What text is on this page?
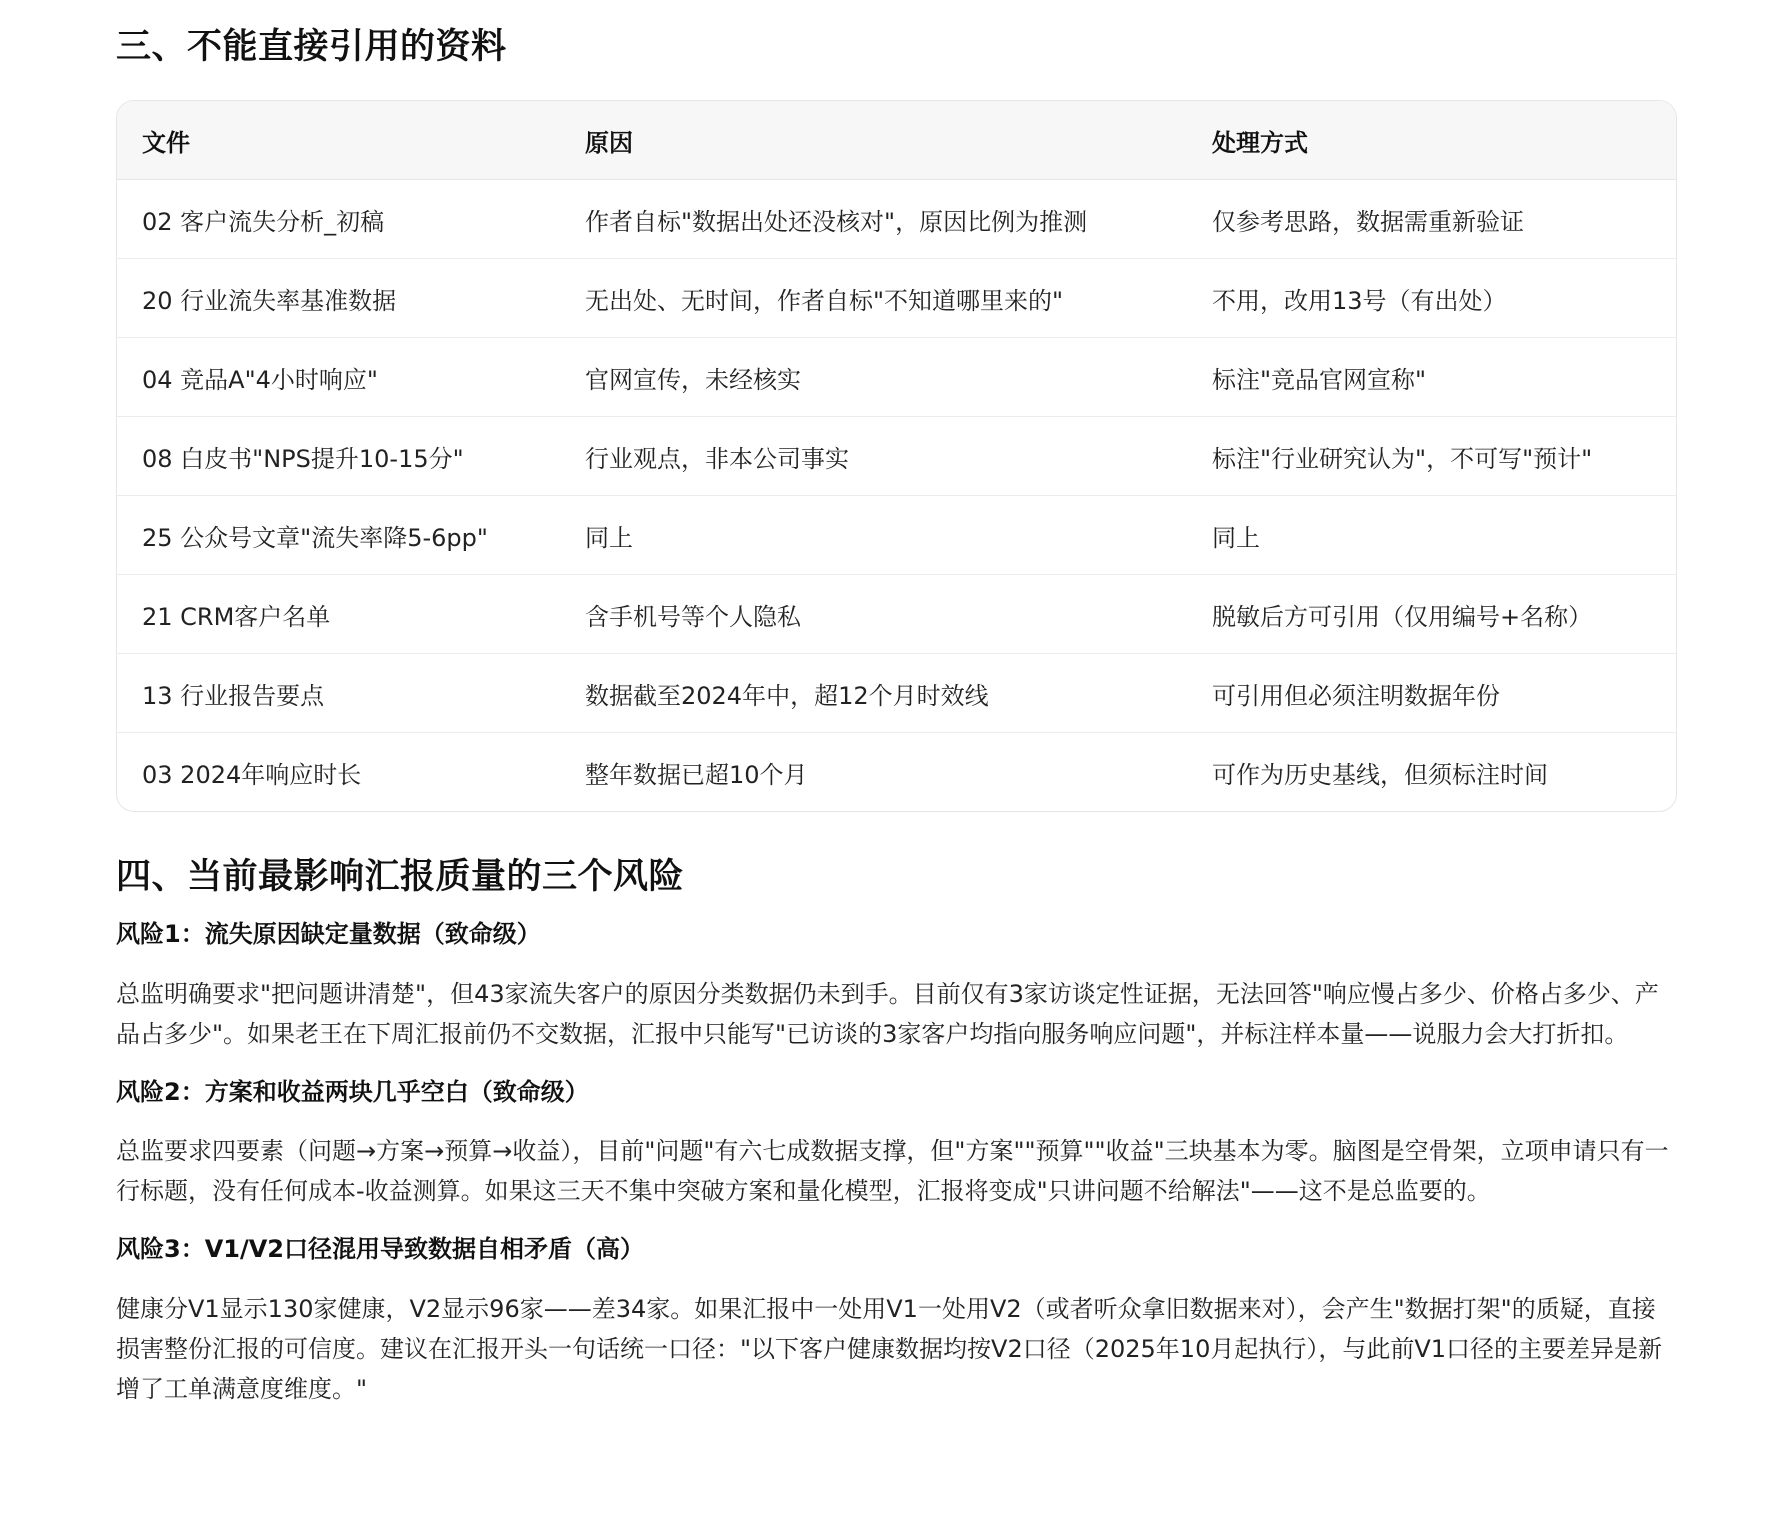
三、不能直接引用的资料
文件	原因	处理方式
02 客户流失分析_初稿	作者自标"数据出处还没核对"，原因比例为推测	仅参考思路，数据需重新验证
20 行业流失率基准数据	无出处、无时间，作者自标"不知道哪里来的"	不用，改用13号（有出处）
04 竞品A"4小时响应"	官网宣传，未经核实	标注"竞品官网宣称"
08 白皮书"NPS提升10-15分"	行业观点，非本公司事实	标注"行业研究认为"，不可写"预计"
25 公众号文章"流失率降5-6pp"	同上	同上
21 CRM客户名单	含手机号等个人隐私	脱敏后方可引用（仅用编号+名称）
13 行业报告要点	数据截至2024年中，超12个月时效线	可引用但必须注明数据年份
03 2024年响应时长	整年数据已超10个月	可作为历史基线，但须标注时间
四、当前最影响汇报质量的三个风险

风险1：流失原因缺定量数据（致命级）

总监明确要求"把问题讲清楚"，但43家流失客户的原因分类数据仍未到手。目前仅有3家访谈定性证据，无法回答"响应慢占多少、价格占多少、产品占多少"。如果老王在下周汇报前仍不交数据，汇报中只能写"已访谈的3家客户均指向服务响应问题"，并标注样本量——说服力会大打折扣。

风险2：方案和收益两块几乎空白（致命级）

总监要求四要素（问题→方案→预算→收益），目前"问题"有六七成数据支撑，但"方案""预算""收益"三块基本为零。脑图是空骨架，立项申请只有一行标题，没有任何成本-收益测算。如果这三天不集中突破方案和量化模型，汇报将变成"只讲问题不给解法"——这不是总监要的。

风险3：V1/V2口径混用导致数据自相矛盾（高）

健康分V1显示130家健康，V2显示96家——差34家。如果汇报中一处用V1一处用V2（或者听众拿旧数据来对），会产生"数据打架"的质疑，直接损害整份汇报的可信度。建议在汇报开头一句话统一口径："以下客户健康数据均按V2口径（2025年10月起执行），与此前V1口径的主要差异是新增了工单满意度维度。"
